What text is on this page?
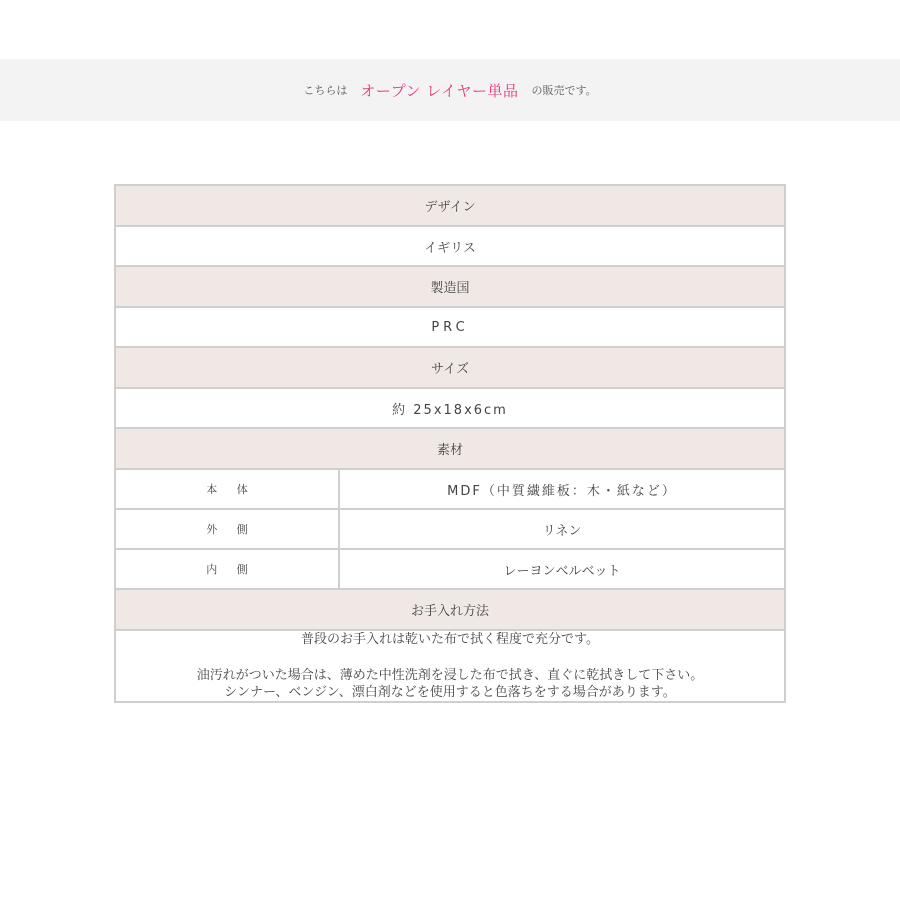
こちらは オープン レイヤー単品 の販売です。
デザイン	
イギリス	
製造国	
PRC	
サイズ	
約 25x18x6cm	
素材	
本 体	MDF（中質繊維板：木・紙など）
外 側	リネン
内 側	レーヨンベルベット
お手入れ方法	

普段のお手入れは乾いた布で拭く程度で充分です。

油汚れがついた場合は、薄めた中性洗剤を浸した布で拭き、直ぐに乾拭きして下さい。

シンナー、ベンジン、漂白剤などを使用すると色落ちをする場合があります。	
